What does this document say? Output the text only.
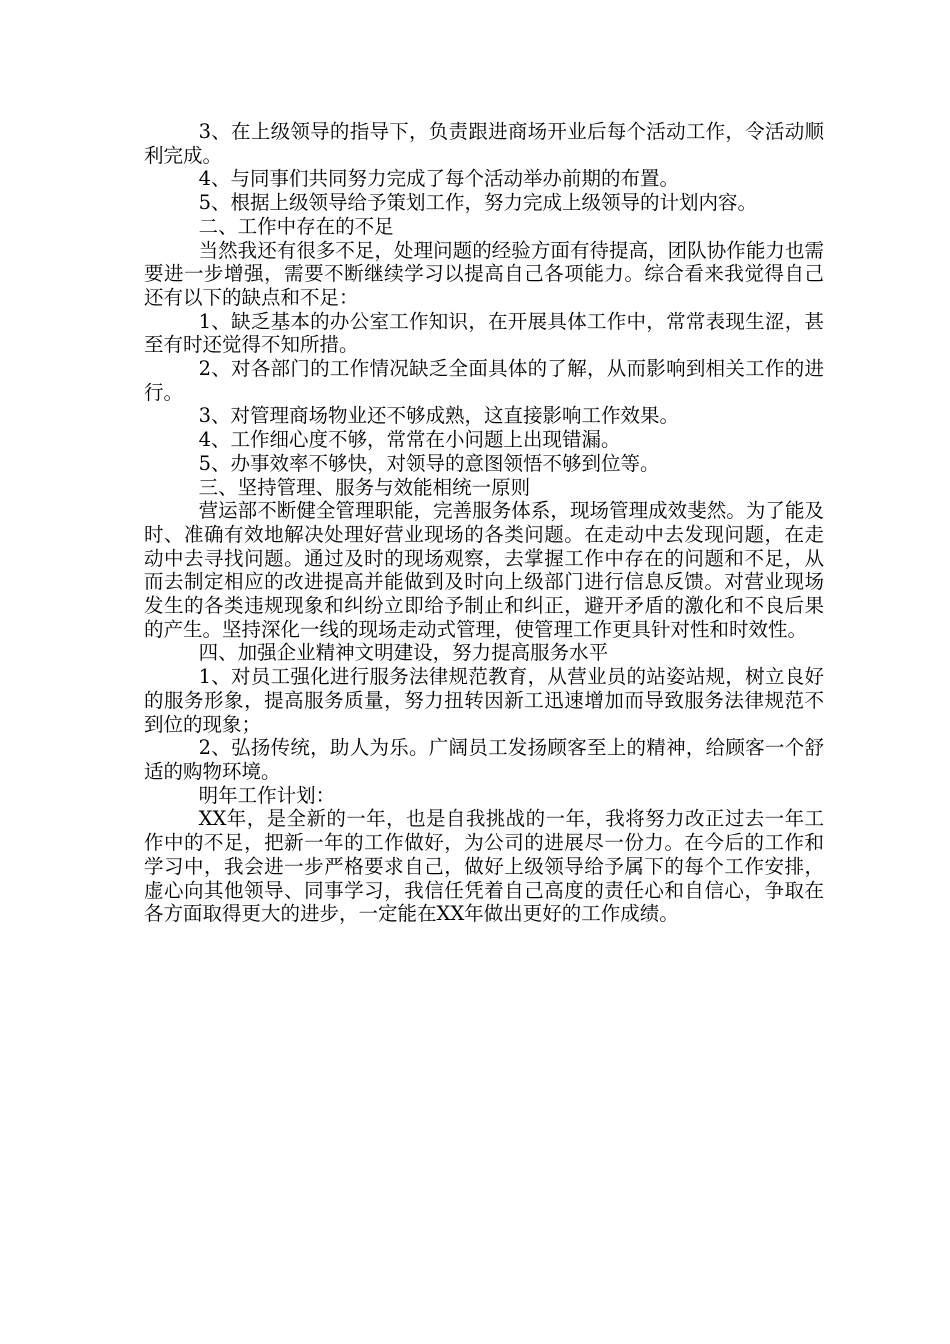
3、在上级领导的指导下，负责跟进商场开业后每个活动工作，令活动顺利完成。

4、与同事们共同努力完成了每个活动举办前期的布置。

5、根据上级领导给予策划工作，努力完成上级领导的计划内容。

二、工作中存在的不足

当然我还有很多不足，处理问题的经验方面有待提高，团队协作能力也需要进一步增强，需要不断继续学习以提高自己各项能力。综合看来我觉得自己还有以下的缺点和不足：

1、缺乏基本的办公室工作知识，在开展具体工作中，常常表现生涩，甚至有时还觉得不知所措。

2、对各部门的工作情况缺乏全面具体的了解，从而影响到相关工作的进行。

3、对管理商场物业还不够成熟，这直接影响工作效果。

4、工作细心度不够，常常在小问题上出现错漏。

5、办事效率不够快，对领导的意图领悟不够到位等。

三、坚持管理、服务与效能相统一原则

营运部不断健全管理职能，完善服务体系，现场管理成效斐然。为了能及时、准确有效地解决处理好营业现场的各类问题。在走动中去发现问题，在走动中去寻找问题。通过及时的现场观察，去掌握工作中存在的问题和不足，从而去制定相应的改进提高并能做到及时向上级部门进行信息反馈。对营业现场发生的各类违规现象和纠纷立即给予制止和纠正，避开矛盾的激化和不良后果的产生。坚持深化一线的现场走动式管理，使管理工作更具针对性和时效性。

四、加强企业精神文明建设，努力提高服务水平

1、对员工强化进行服务法律规范教育，从营业员的站姿站规，树立良好的服务形象，提高服务质量，努力扭转因新工迅速增加而导致服务法律规范不到位的现象；

2、弘扬传统，助人为乐。广阔员工发扬顾客至上的精神，给顾客一个舒适的购物环境。

明年工作计划：

XX年，是全新的一年，也是自我挑战的一年，我将努力改正过去一年工作中的不足，把新一年的工作做好，为公司的进展尽一份力。在今后的工作和学习中，我会进一步严格要求自己，做好上级领导给予属下的每个工作安排，虚心向其他领导、同事学习，我信任凭着自己高度的责任心和自信心，争取在各方面取得更大的进步，一定能在XX年做出更好的工作成绩。
